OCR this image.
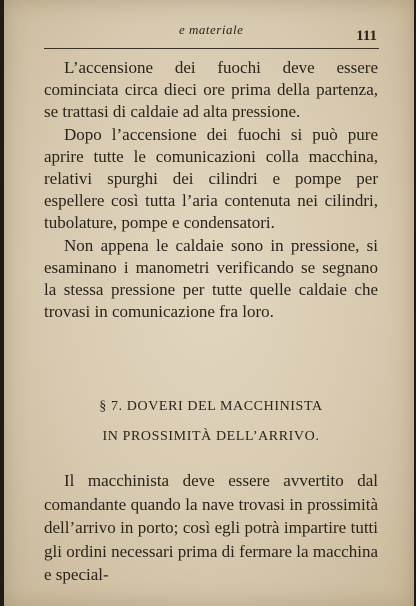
e materiale	111

L’accensione dei fuochi deve essere cominciata circa dieci ore prima della partenza, se trattasi di caldaie ad alta pressione.

Dopo l’accensione dei fuochi si può pure aprire tutte le comunicazioni colla macchina, relativi spurghi dei cilindri e pompe per espellere così tutta l’aria contenuta nei cilindri, tubolature, pompe e condensatori.

Non appena le caldaie sono in pressione, si esaminano i manometri verificando se segnano la stessa pressione per tutte quelle caldaie che trovasi in comunicazione fra loro.

§ 7. DOVERI DEL MACCHINISTA
IN PROSSIMITÀ DELL’ARRIVO.

Il macchinista deve essere avvertito dal comandante quando la nave trovasi in prossimità dell’arrivo in porto; così egli potrà impartire tutti gli ordini necessari prima di fermare la macchina e special-
